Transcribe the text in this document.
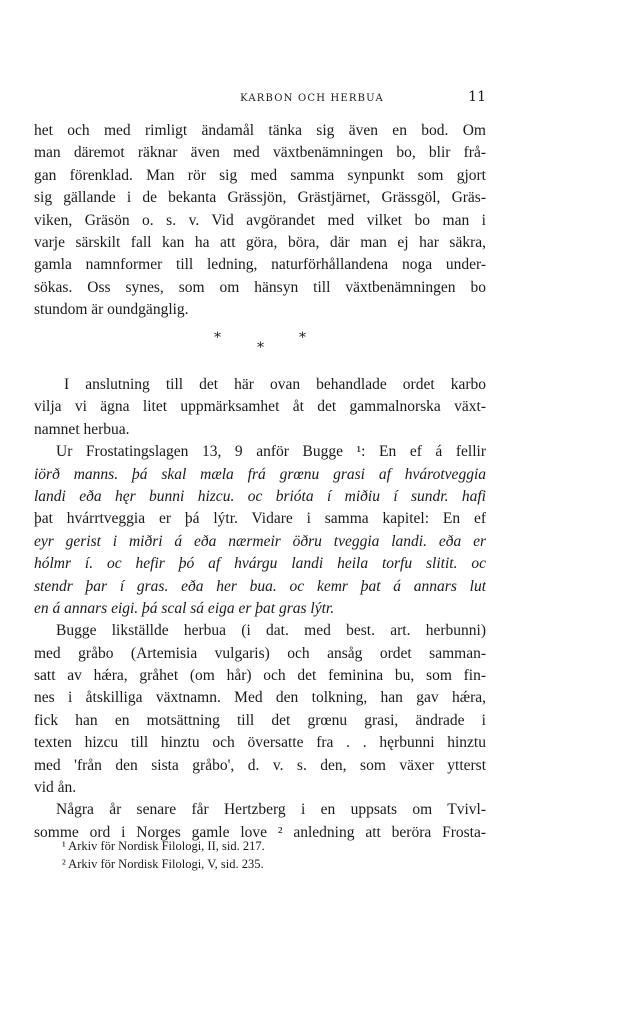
KARBON OCH HERBUA	11
het och med rimligt ändamål tänka sig även en bod. Om
man däremot räknar även med växtbenämningen bo, blir frå-
gan förenklad. Man rör sig med samma synpunkt som gjort
sig gällande i de bekanta Grässjön, Grästjärnet, Grässgöl, Gräs-
viken, Gräsön o. s. v. Vid avgörandet med vilket bo man i
varje särskilt fall kan ha att göra, böra, där man ej har säkra,
gamla namnformer till ledning, naturförhållandena noga under-
sökas. Oss synes, som om hänsyn till växtbenämningen bo
stundom är oundgänglig.
*
*
*
I anslutning till det här ovan behandlade ordet karbo
vilja vi ägna litet uppmärksamhet åt det gammalnorska växt-
namnet herbua.
Ur Frostatingslagen 13, 9 anför Bugge ¹: En ef á fellir
iörð manns. þá skal mæla frá grœnu grasi af hvárotveggia
landi eða hęr bunni hizcu. oc brióta í miðiu í sundr. hafi
þat hvárrtveggia er þá lýtr. Vidare i samma kapitel: En ef
eyr gerist i miðri á eða nærmeir öðru tveggia landi. eða er
hólmr í. oc hefir þó af hvárgu landi heila torfu slitit. oc
stendr þar í gras. eða her bua. oc kemr þat á annars lut
en á annars eigi. þá scal sá eiga er þat gras lýtr.
Bugge likställde herbua (i dat. med best. art. herbunni)
med gråbo (Artemisia vulgaris) och ansåg ordet samman-
satt av hǽra, gråhet (om hår) och det feminina bu, som fin-
nes i åtskilliga växtnamn. Med den tolkning, han gav hǽra,
fick han en motsättning till det grœnu grasi, ändrade i
texten hizcu till hinztu och översatte fra . . hęrbunni hinztu
med 'från den sista gråbo', d. v. s. den, som växer ytterst
vid ån.
Några år senare får Hertzberg i en uppsats om Tvivl-
somme ord i Norges gamle love ² anledning att beröra Frosta-
¹ Arkiv för Nordisk Filologi, II, sid. 217.
² Arkiv för Nordisk Filologi, V, sid. 235.
